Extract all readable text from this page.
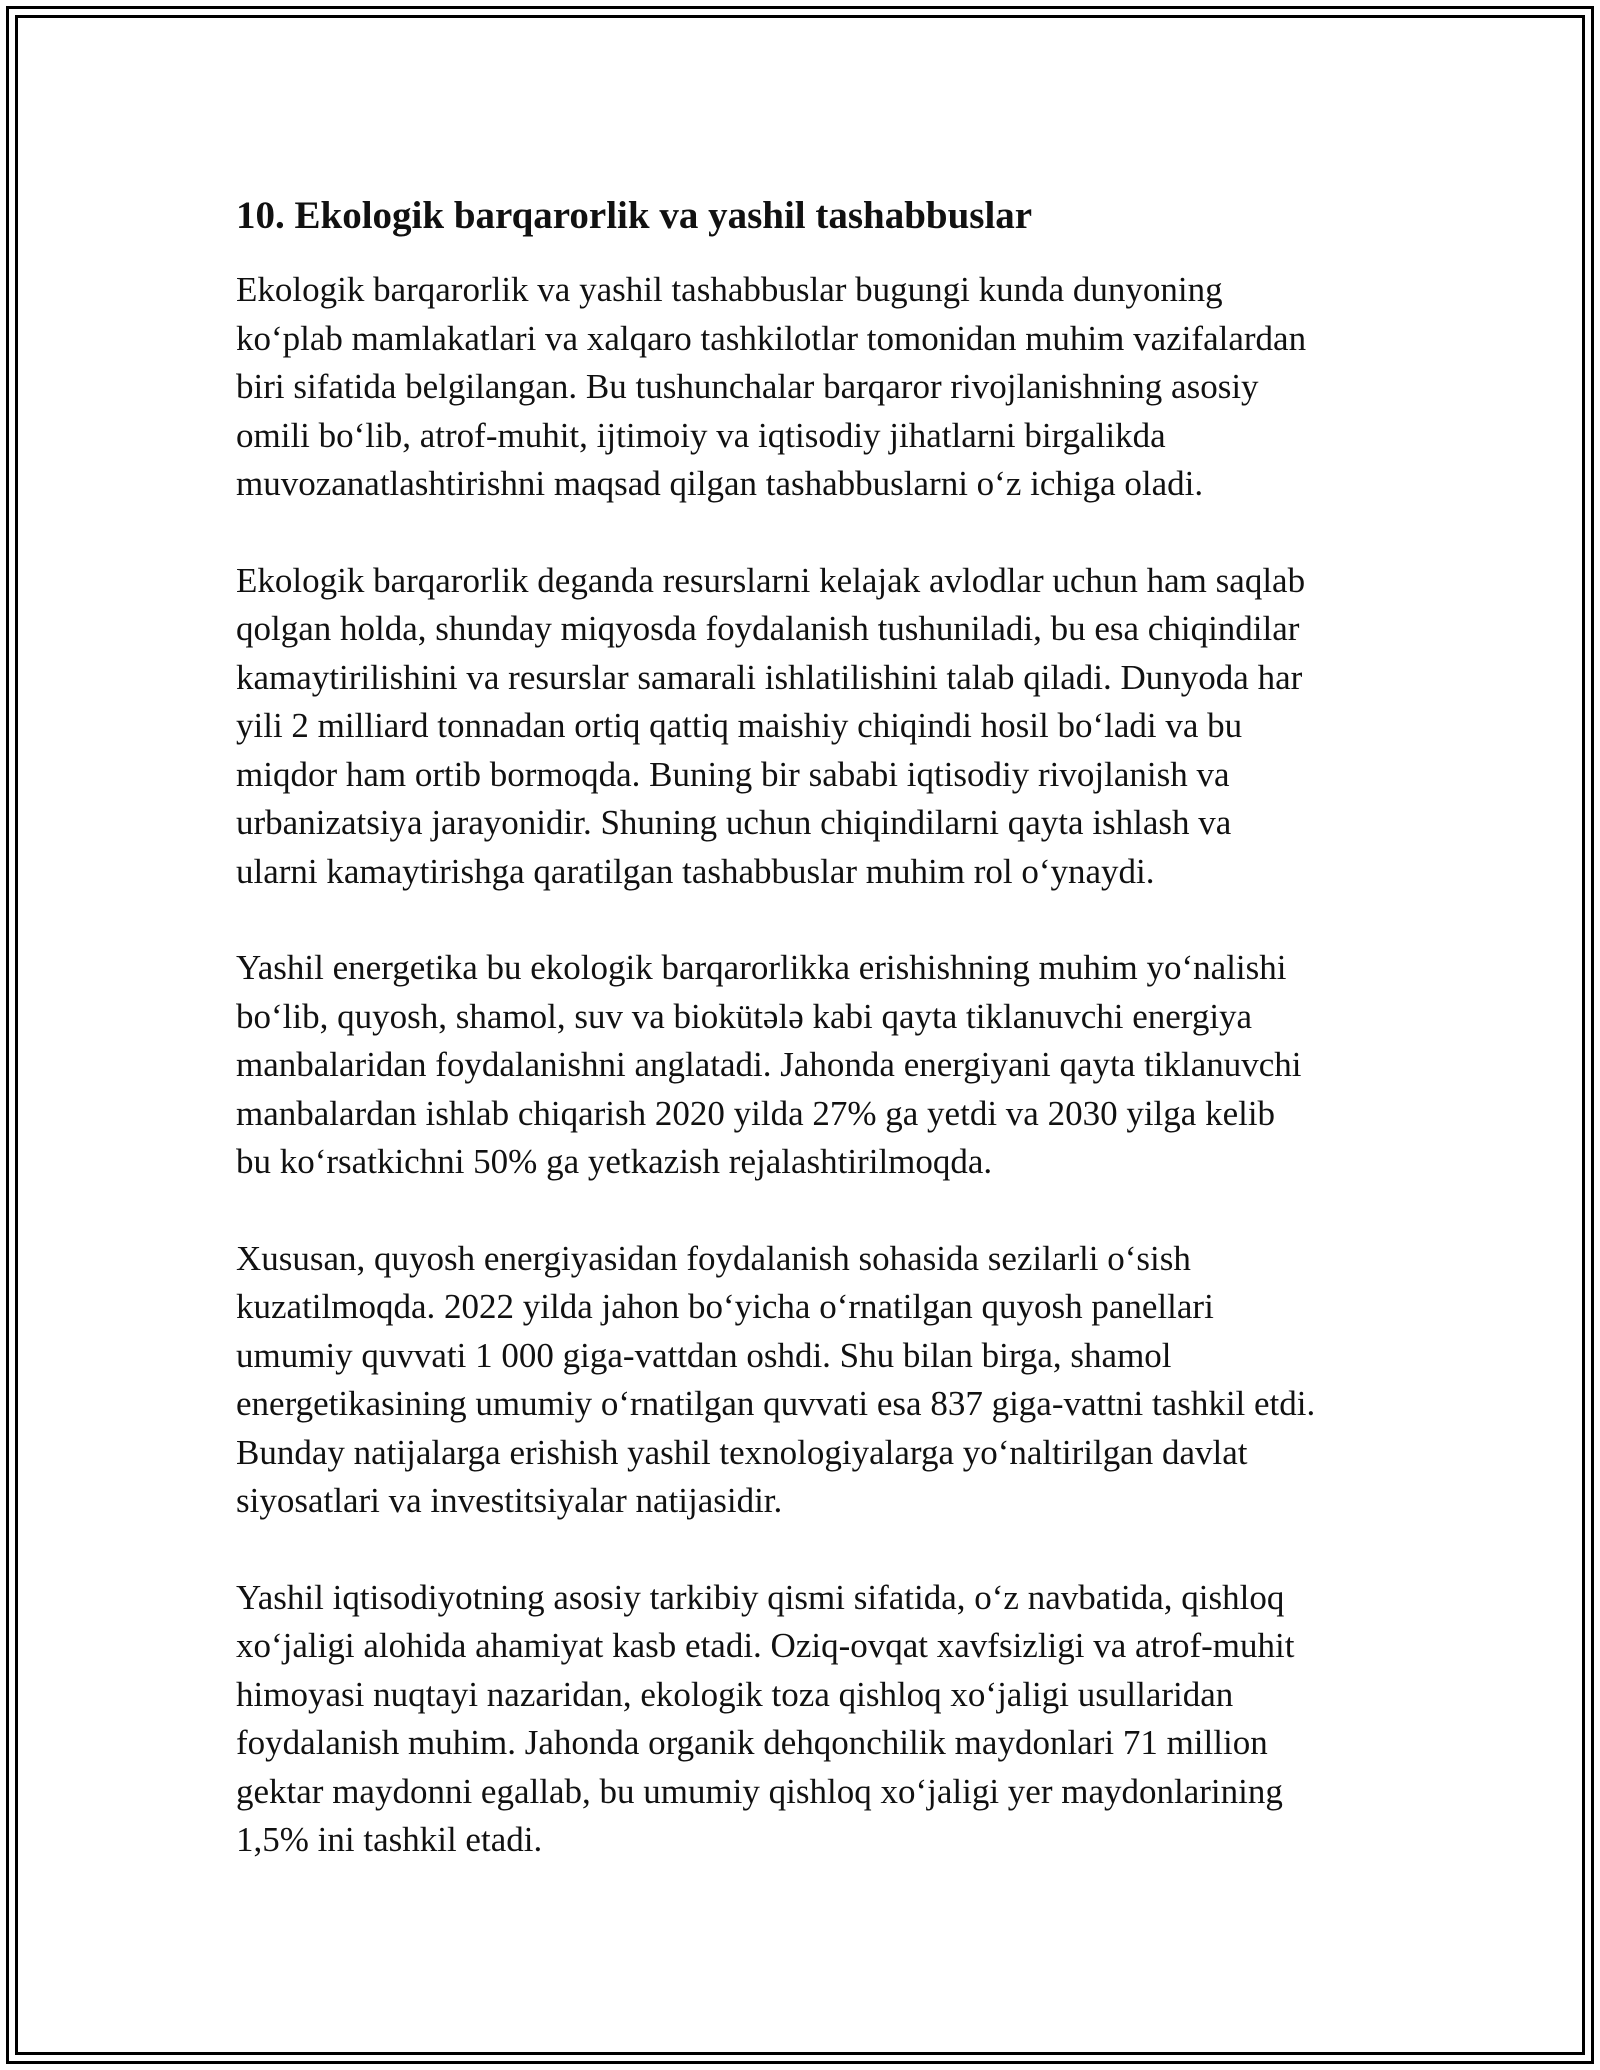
10. Ekologik barqarorlik va yashil tashabbuslar
Ekologik barqarorlik va yashil tashabbuslar bugungi kunda dunyoning
ko‘plab mamlakatlari va xalqaro tashkilotlar tomonidan muhim vazifalardan
biri sifatida belgilangan. Bu tushunchalar barqaror rivojlanishning asosiy
omili bo‘lib, atrof-muhit, ijtimoiy va iqtisodiy jihatlarni birgalikda
muvozanatlashtirishni maqsad qilgan tashabbuslarni o‘z ichiga oladi.
Ekologik barqarorlik deganda resurslarni kelajak avlodlar uchun ham saqlab
qolgan holda, shunday miqyosda foydalanish tushuniladi, bu esa chiqindilar
kamaytirilishini va resurslar samarali ishlatilishini talab qiladi. Dunyoda har
yili 2 milliard tonnadan ortiq qattiq maishiy chiqindi hosil bo‘ladi va bu
miqdor ham ortib bormoqda. Buning bir sababi iqtisodiy rivojlanish va
urbanizatsiya jarayonidir. Shuning uchun chiqindilarni qayta ishlash va
ularni kamaytirishga qaratilgan tashabbuslar muhim rol o‘ynaydi.
Yashil energetika bu ekologik barqarorlikka erishishning muhim yo‘nalishi
bo‘lib, quyosh, shamol, suv va biokütələ kabi qayta tiklanuvchi energiya
manbalaridan foydalanishni anglatadi. Jahonda energiyani qayta tiklanuvchi
manbalardan ishlab chiqarish 2020 yilda 27% ga yetdi va 2030 yilga kelib
bu ko‘rsatkichni 50% ga yetkazish rejalashtirilmoqda.
Xususan, quyosh energiyasidan foydalanish sohasida sezilarli o‘sish
kuzatilmoqda. 2022 yilda jahon bo‘yicha o‘rnatilgan quyosh panellari
umumiy quvvati 1 000 giga-vattdan oshdi. Shu bilan birga, shamol
energetikasining umumiy o‘rnatilgan quvvati esa 837 giga-vattni tashkil etdi.
Bunday natijalarga erishish yashil texnologiyalarga yo‘naltirilgan davlat
siyosatlari va investitsiyalar natijasidir.
Yashil iqtisodiyotning asosiy tarkibiy qismi sifatida, o‘z navbatida, qishloq
xo‘jaligi alohida ahamiyat kasb etadi. Oziq-ovqat xavfsizligi va atrof-muhit
himoyasi nuqtayi nazaridan, ekologik toza qishloq xo‘jaligi usullaridan
foydalanish muhim. Jahonda organik dehqonchilik maydonlari 71 million
gektar maydonni egallab, bu umumiy qishloq xo‘jaligi yer maydonlarining
1,5% ini tashkil etadi.
